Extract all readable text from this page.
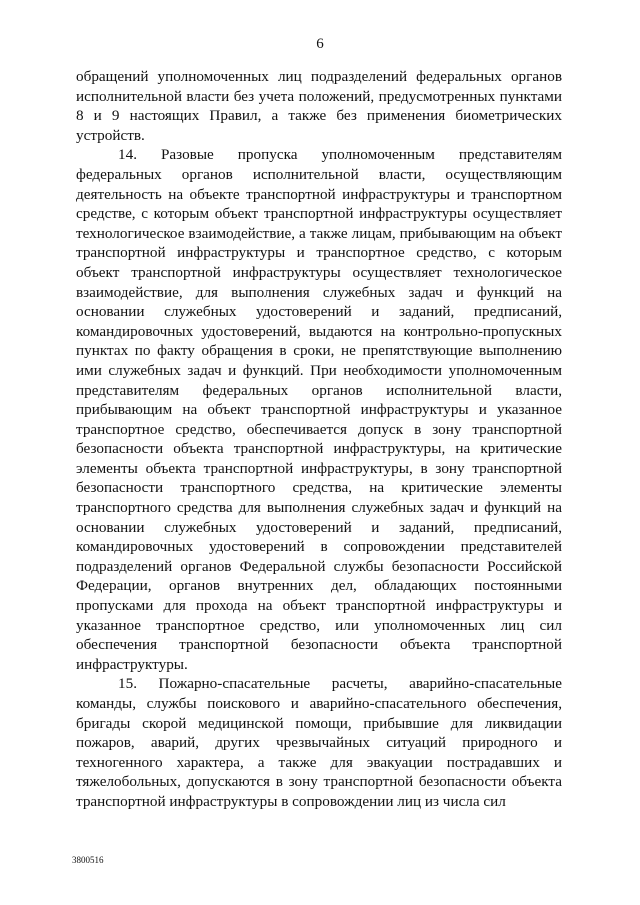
6

обращений уполномоченных лиц подразделений федеральных органов исполнительной власти без учета положений, предусмотренных пунктами 8 и 9 настоящих Правил, а также без применения биометрических устройств.

14. Разовые пропуска уполномоченным представителям федеральных органов исполнительной власти, осуществляющим деятельность на объекте транспортной инфраструктуры и транспортном средстве, с которым объект транспортной инфраструктуры осуществляет технологическое взаимодействие, а также лицам, прибывающим на объект транспортной инфраструктуры и транспортное средство, с которым объект транспортной инфраструктуры осуществляет технологическое взаимодействие, для выполнения служебных задач и функций на основании служебных удостоверений и заданий, предписаний, командировочных удостоверений, выдаются на контрольно-пропускных пунктах по факту обращения в сроки, не препятствующие выполнению ими служебных задач и функций. При необходимости уполномоченным представителям федеральных органов исполнительной власти, прибывающим на объект транспортной инфраструктуры и указанное транспортное средство, обеспечивается допуск в зону транспортной безопасности объекта транспортной инфраструктуры, на критические элементы объекта транспортной инфраструктуры, в зону транспортной безопасности транспортного средства, на критические элементы транспортного средства для выполнения служебных задач и функций на основании служебных удостоверений и заданий, предписаний, командировочных удостоверений в сопровождении представителей подразделений органов Федеральной службы безопасности Российской Федерации, органов внутренних дел, обладающих постоянными пропусками для прохода на объект транспортной инфраструктуры и указанное транспортное средство, или уполномоченных лиц сил обеспечения транспортной безопасности объекта транспортной инфраструктуры.

15. Пожарно-спасательные расчеты, аварийно-спасательные команды, службы поискового и аварийно-спасательного обеспечения, бригады скорой медицинской помощи, прибывшие для ликвидации пожаров, аварий, других чрезвычайных ситуаций природного и техногенного характера, а также для эвакуации пострадавших и тяжелобольных, допускаются в зону транспортной безопасности объекта транспортной инфраструктуры в сопровождении лиц из числа сил

3800516
